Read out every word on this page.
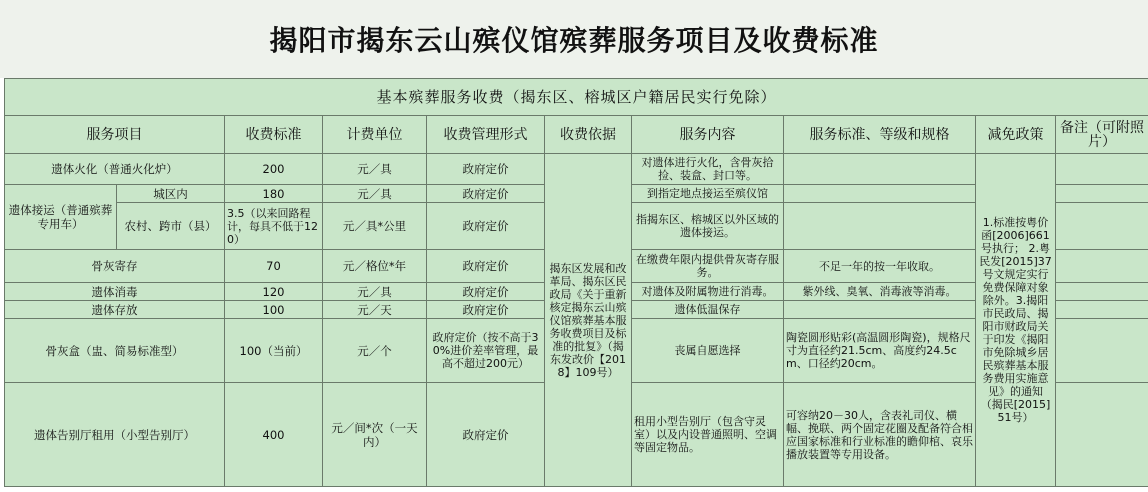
揭阳市揭东云山殡仪馆殡葬服务项目及收费标准
基本殡葬服务收费（揭东区、榕城区户籍居民实行免除）									
服务项目		收费标准	计费单位	收费管理形式	收费依据	服务内容	服务标准、等级和规格	减免政策	备注（可附照片）
遗体火化（普通火化炉）		200	元／具	政府定价	揭东区发展和改革局、揭东区民政局《关于重新核定揭东云山殡仪馆殡葬基本服务收费项目及标准的批复》（揭东发改价【2018】109号）	对遗体进行火化，含骨灰拾捡、装盒、封口等。		1.标准按粤价函[2006]661号执行； 2.粤民发[2015]37号文规定实行免费保障对象除外。3.揭阳市民政局、揭阳市财政局关于印发《揭阳市免除城乡居民殡葬基本服务费用实施意见》的通知（揭民[2015]51号）	
遗体接运（普通殡葬专用车）	城区内	180	元／具	政府定价		到指定地点接运至殡仪馆			
	农村、跨市（县）	3.5（以来回路程计，每具不低于120）	元／具*公里	政府定价		指揭东区、榕城区以外区域的遗体接运。			
骨灰寄存		70	元／格位*年	政府定价		在缴费年限内提供骨灰寄存服务。	不足一年的按一年收取。		
遗体消毒		120	元／具	政府定价		对遗体及附属物进行消毒。	紫外线、臭氧、消毒液等消毒。		
遗体存放		100	元／天	政府定价		遗体低温保存			
骨灰盒（盅、简易标准型）		100（当前）	元／个	政府定价（按不高于30%进价差率管理，最高不超过200元）		丧属自愿选择	陶瓷圆形贴彩(高温圆形陶瓷)，规格尺寸为直径约21.5cm、高度约24.5cm、口径约20cm。		
遗体告别厅租用（小型告别厅）		400	元／间*次（一天内）	政府定价		租用小型告别厅（包含守灵室）以及内设普通照明、空调等固定物品。	可容纳20－30人，含表礼司仪、横幅、挽联、两个固定花圈及配备符合相应国家标准和行业标准的瞻仰棺、哀乐播放装置等专用设备。		
